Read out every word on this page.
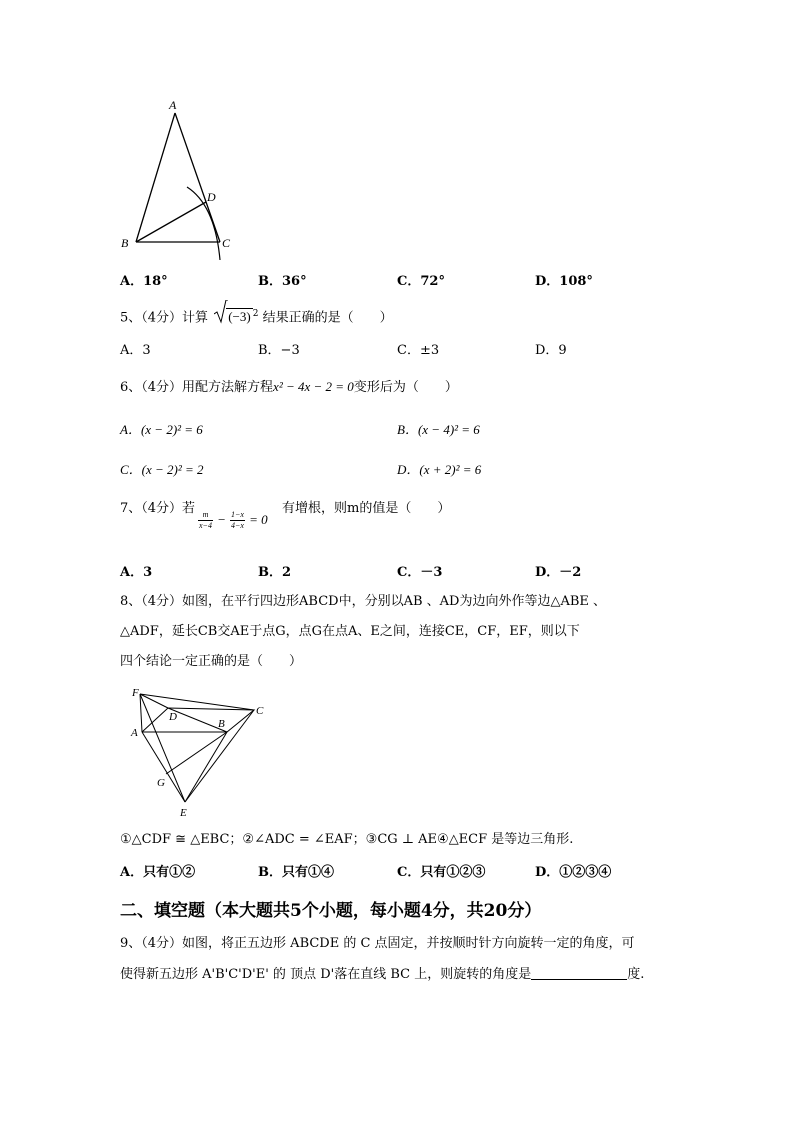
A
B	C
D
A．18°	B．36°	C．72°	D．108°
5、（4分）计算 (−3) $^2$ 结果正确的是（　　）
A．3	B．−3	C．±3	D．9
6、（4分）用配方法解方程x² − 4x − 2 = 0变形后为（　　）
A．(x − 2)² = 6	B．(x − 4)² = 6
C．(x − 2)² = 2	D．(x + 2)² = 6
7、（4分）若
$\frac{m}{x-4} - \frac{1-x}{4-x} = 0$
有增根，则m的值是（　　）
A．3	B．2	C．－3	D．－2
8、（4分）如图，在平行四边形ABCD中，分别以AB 、AD为边向外作等边△ABE 、
△ADF，延长CB交AE于点G，点G在点A、E之间，连接CE，CF，EF，则以下
四个结论一定正确的是（　　）
F
D
B
C
A
G
E
①△CDF ≅ △EBC；②∠ADC = ∠EAF；③CG ⊥ AE④△ECF 是等边三角形.
A．只有①②	B．只有①④	C．只有①②③	D．①②③④
二、填空题（本大题共5个小题，每小题4分，共20分）
9、（4分）如图，将正五边形 ABCDE 的 C 点固定，并按顺时针方向旋转一定的角度，可
使得新五边形 A'B'C'D'E' 的 顶点 D'落在直线 BC 上，则旋转的角度是	度.
